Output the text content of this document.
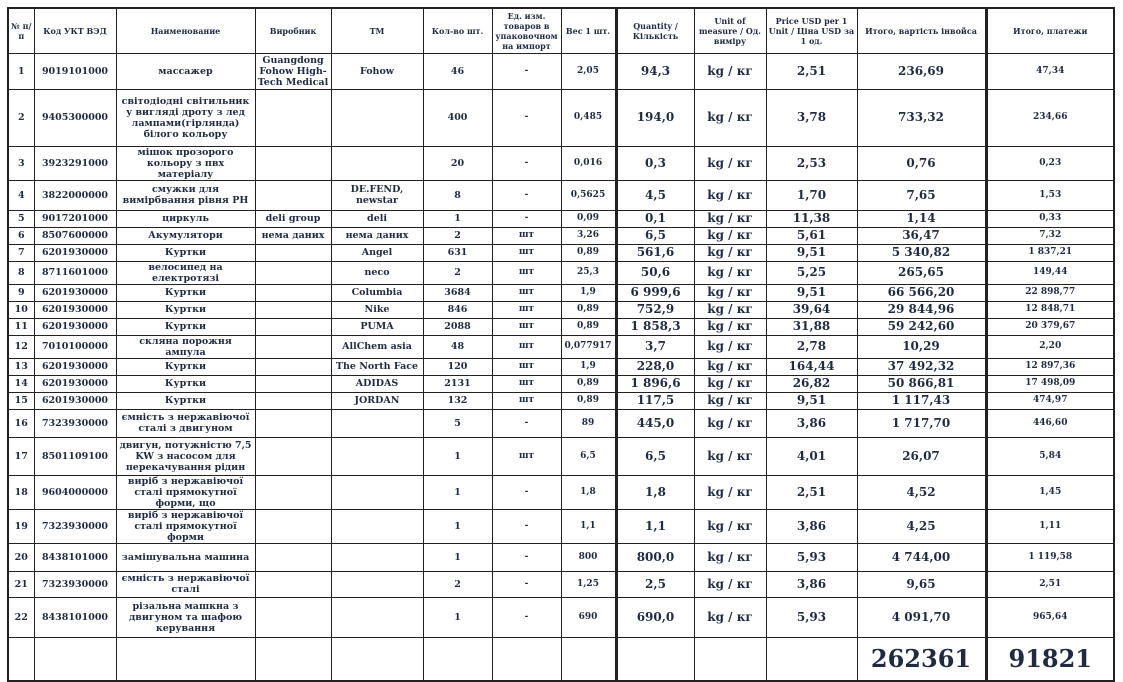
№ п/п	Код УКТ ВЭД	Наименование	Виробник	ТМ	Кол-во шт.	Ед. изм. товаров в упаковочном на импорт	Вес 1 шт.	Quantity / Кількість	Unit of measure / Од. виміру	Price USD per 1 Unit / Ціна USD за 1 од.	Итого, вартість інвойса	Итого, платежи
1	9019101000	массажер	Guangdong Fohow High-Tech Medical	Fohow	46	-	2,05	94,3	kg / кг	2,51	236,69	47,34
2	9405300000	світодіодні світильник у вигляді дроту з лед лампами(гірлянда) білого кольору			400	-	0,485	194,0	kg / кг	3,78	733,32	234,66
3	3923291000	мішок прозорого кольору з пвх матеріалу			20	-	0,016	0,3	kg / кг	2,53	0,76	0,23
4	3822000000	смужки для вимірбвання рівня PH		DE.FEND, newstar	8	-	0,5625	4,5	kg / кг	1,70	7,65	1,53
5	9017201000	циркуль	deli group	deli	1	-	0,09	0,1	kg / кг	11,38	1,14	0,33
6	8507600000	Акумулятори	нема даних	нема даних	2	шт	3,26	6,5	kg / кг	5,61	36,47	7,32
7	6201930000	Куртки		Angel	631	шт	0,89	561,6	kg / кг	9,51	5 340,82	1 837,21
8	8711601000	велосипед на електротязі		neco	2	шт	25,3	50,6	kg / кг	5,25	265,65	149,44
9	6201930000	Куртки		Columbia	3684	шт	1,9	6 999,6	kg / кг	9,51	66 566,20	22 898,77
10	6201930000	Куртки		Nike	846	шт	0,89	752,9	kg / кг	39,64	29 844,96	12 848,71
11	6201930000	Куртки		PUMA	2088	шт	0,89	1 858,3	kg / кг	31,88	59 242,60	20 379,67
12	7010100000	скляна порожня ампула		AllChem asia	48	шт	0,077917	3,7	kg / кг	2,78	10,29	2,20
13	6201930000	Куртки		The North Face	120	шт	1,9	228,0	kg / кг	164,44	37 492,32	12 897,36
14	6201930000	Куртки		ADIDAS	2131	шт	0,89	1 896,6	kg / кг	26,82	50 866,81	17 498,09
15	6201930000	Куртки		JORDAN	132	шт	0,89	117,5	kg / кг	9,51	1 117,43	474,97
16	7323930000	ємність з нержавіючої сталі з двигуном			5	-	89	445,0	kg / кг	3,86	1 717,70	446,60
17	8501109100	двигун, потужністю 7,5 KW з насосом для перекачування рідин			1	шт	6,5	6,5	kg / кг	4,01	26,07	5,84
18	9604000000	виріб з нержавіючої сталі прямокутної форми, що			1	-	1,8	1,8	kg / кг	2,51	4,52	1,45
19	7323930000	виріб з нержавіючої сталі прямокутної форми			1	-	1,1	1,1	kg / кг	3,86	4,25	1,11
20	8438101000	замішувальна машина			1	-	800	800,0	kg / кг	5,93	4 744,00	1 119,58
21	7323930000	ємність з нержавіючої сталі			2	-	1,25	2,5	kg / кг	3,86	9,65	2,51
22	8438101000	різальна машкна з двигуном та шафою керування			1	-	690	690,0	kg / кг	5,93	4 091,70	965,64
											262361	91821
